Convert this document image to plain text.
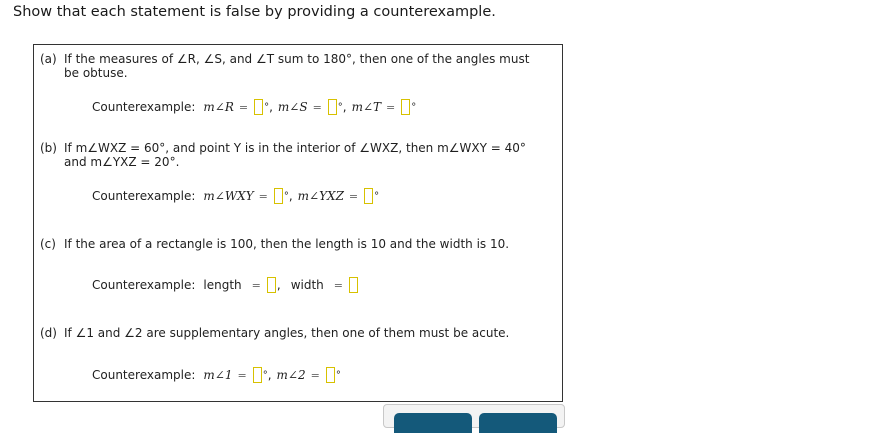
Show that each statement is false by providing a counterexample.
(a) If the measures of ∠R, ∠S, and ∠T sum to 180°, then one of the angles must
be obtuse.
Counterexample: m∠R = ° , m∠S = ° , m∠T = °
(b) If m∠WXZ = 60°, and point Y is in the interior of ∠WXZ, then m∠WXY = 40°
and m∠YXZ = 20°.
Counterexample: m∠WXY = ° , m∠YXZ = °
(c) If the area of a rectangle is 100, then the length is 10 and the width is 10.
Counterexample: length = , width =
(d) If ∠1 and ∠2 are supplementary angles, then one of them must be acute.
Counterexample: m∠1 = ° , m∠2 = °
